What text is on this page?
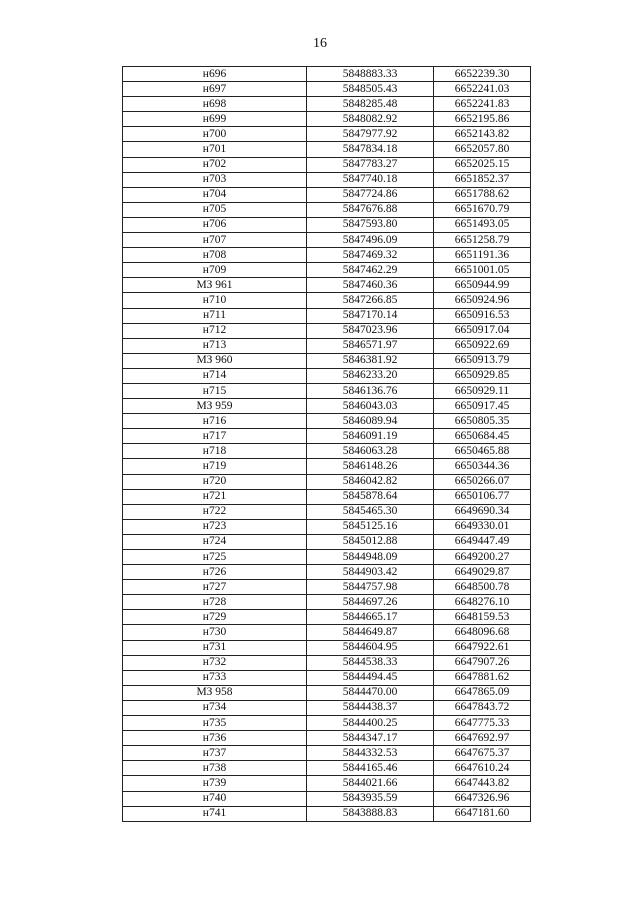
16
н696	5848883.33	6652239.30
н697	5848505.43	6652241.03
н698	5848285.48	6652241.83
н699	5848082.92	6652195.86
н700	5847977.92	6652143.82
н701	5847834.18	6652057.80
н702	5847783.27	6652025.15
н703	5847740.18	6651852.37
н704	5847724.86	6651788.62
н705	5847676.88	6651670.79
н706	5847593.80	6651493.05
н707	5847496.09	6651258.79
н708	5847469.32	6651191.36
н709	5847462.29	6651001.05
МЗ 961	5847460.36	6650944.99
н710	5847266.85	6650924.96
н711	5847170.14	6650916.53
н712	5847023.96	6650917.04
н713	5846571.97	6650922.69
МЗ 960	5846381.92	6650913.79
н714	5846233.20	6650929.85
н715	5846136.76	6650929.11
МЗ 959	5846043.03	6650917.45
н716	5846089.94	6650805.35
н717	5846091.19	6650684.45
н718	5846063.28	6650465.88
н719	5846148.26	6650344.36
н720	5846042.82	6650266.07
н721	5845878.64	6650106.77
н722	5845465.30	6649690.34
н723	5845125.16	6649330.01
н724	5845012.88	6649447.49
н725	5844948.09	6649200.27
н726	5844903.42	6649029.87
н727	5844757.98	6648500.78
н728	5844697.26	6648276.10
н729	5844665.17	6648159.53
н730	5844649.87	6648096.68
н731	5844604.95	6647922.61
н732	5844538.33	6647907.26
н733	5844494.45	6647881.62
МЗ 958	5844470.00	6647865.09
н734	5844438.37	6647843.72
н735	5844400.25	6647775.33
н736	5844347.17	6647692.97
н737	5844332.53	6647675.37
н738	5844165.46	6647610.24
н739	5844021.66	6647443.82
н740	5843935.59	6647326.96
н741	5843888.83	6647181.60
